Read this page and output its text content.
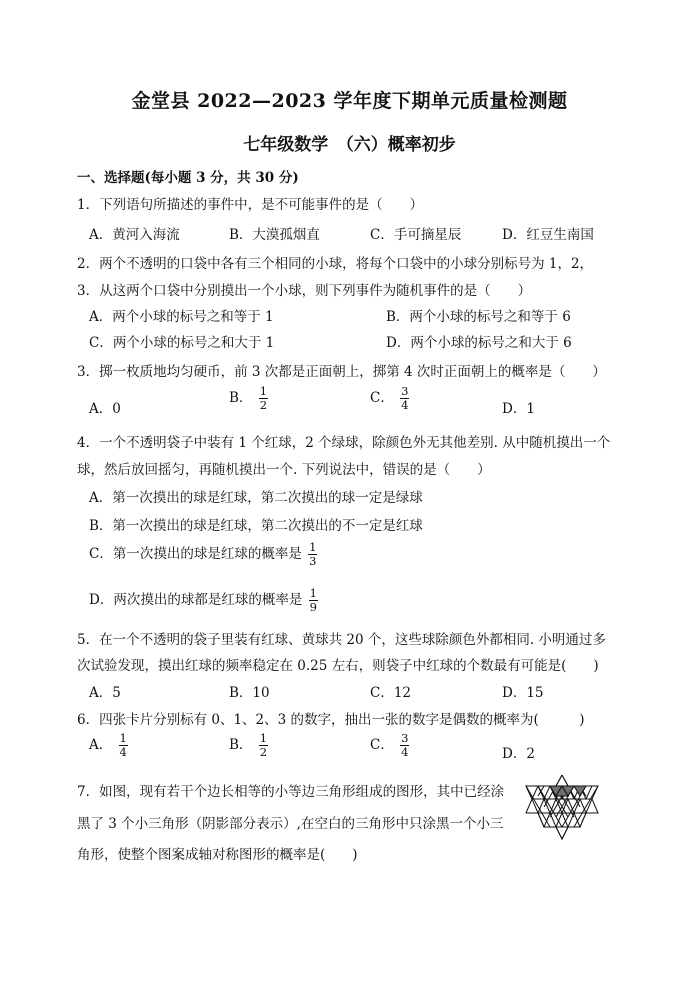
金堂县 2022—2023 学年度下期单元质量检测题
七年级数学　（六）概率初步
一、选择题(每小题 3 分，共 30 分)
1．下列语句所描述的事件中，是不可能事件的是（　　）
A．黄河入海流	B．大漠孤烟直	C．手可摘星辰	D．红豆生南国
2．两个不透明的口袋中各有三个相同的小球，将每个口袋中的小球分别标号为 1，2，
3．从这两个口袋中分别摸出一个小球，则下列事件为随机事件的是（　　）
A．两个小球的标号之和等于 1	B．两个小球的标号之和等于 6
C．两个小球的标号之和大于 1	D．两个小球的标号之和大于 6
3．掷一枚质地均匀硬币，前 3 次都是正面朝上，掷第 4 次时正面朝上的概率是（　　）
A．0
B． $\frac{1}{2}$	C． $\frac{3}{4}$	D．1
4．一个不透明袋子中装有 1 个红球，2 个绿球，除颜色外无其他差别. 从中随机摸出一个
球，然后放回摇匀，再随机摸出一个. 下列说法中，错误的是（　　）
A．第一次摸出的球是红球，第二次摸出的球一定是绿球
B．第一次摸出的球是红球，第二次摸出的不一定是红球
C．第一次摸出的球是红球的概率是 $\frac{1}{3}$
D．两次摸出的球都是红球的概率是 $\frac{1}{9}$
5．在一个不透明的袋子里装有红球、黄球共 20 个，这些球除颜色外都相同. 小明通过多
次试验发现，摸出红球的频率稳定在 0.25 左右，则袋子中红球的个数最有可能是(　　)
A．5	B．10	C．12	D．15
6．四张卡片分别标有 0、1、2、3 的数字，抽出一张的数字是偶数的概率为(　　　)
A． $\frac{1}{4}$	B． $\frac{1}{2}$	C． $\frac{3}{4}$	D．2
7．如图，现有若干个边长相等的小等边三角形组成的图形，其中已经涂
黑了 3 个小三角形（阴影部分表示）,在空白的三角形中只涂黑一个小三
角形，使整个图案成轴对称图形的概率是(　　)
